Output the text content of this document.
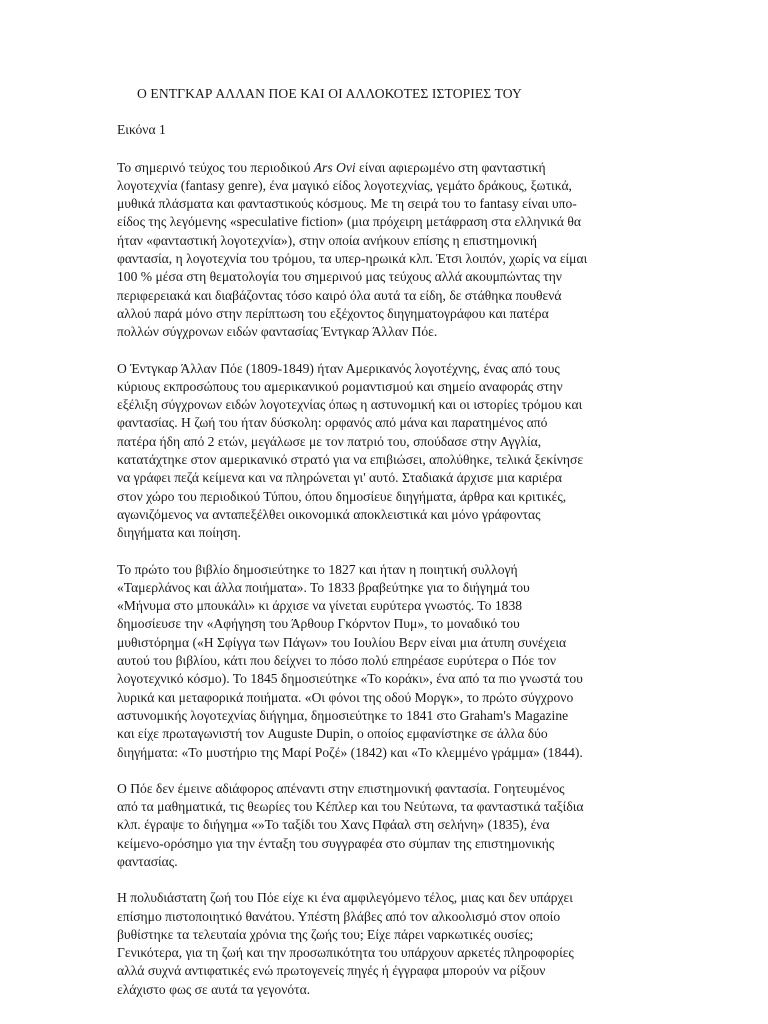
Ο ΕΝΤΓΚΑΡ ΑΛΛΑΝ ΠΟΕ ΚΑΙ ΟΙ ΑΛΛΟΚΟΤΕΣ ΙΣΤΟΡΙΕΣ ΤΟΥ
Εικόνα 1

Το σημερινό τεύχος του περιοδικού Ars Ovi είναι αφιερωμένο στη φανταστική
λογοτεχνία (fantasy genre), ένα μαγικό είδος λογοτεχνίας, γεμάτο δράκους, ξωτικά,
μυθικά πλάσματα και φανταστικούς κόσμους. Με τη σειρά του το fantasy είναι υπο-
είδος της λεγόμενης «speculative fiction» (μια πρόχειρη μετάφραση στα ελληνικά θα
ήταν «φανταστική λογοτεχνία»), στην οποία ανήκουν επίσης η επιστημονική
φαντασία, η λογοτεχνία του τρόμου, τα υπερ-ηρωικά κλπ. Έτσι λοιπόν, χωρίς να είμαι
100 % μέσα στη θεματολογία του σημερινού μας τεύχους αλλά ακουμπώντας την
περιφερειακά και διαβάζοντας τόσο καιρό όλα αυτά τα είδη, δε στάθηκα πουθενά
αλλού παρά μόνο στην περίπτωση του εξέχοντος διηγηματογράφου και πατέρα
πολλών σύγχρονων ειδών φαντασίας Έντγκαρ Άλλαν Πόε.

Ο Έντγκαρ Άλλαν Πόε (1809-1849) ήταν Αμερικανός λογοτέχνης, ένας από τους
κύριους εκπροσώπους του αμερικανικού ρομαντισμού και σημείο αναφοράς στην
εξέλιξη σύγχρονων ειδών λογοτεχνίας όπως η αστυνομική και οι ιστορίες τρόμου και
φαντασίας. Η ζωή του ήταν δύσκολη: ορφανός από μάνα και παρατημένος από
πατέρα ήδη από 2 ετών, μεγάλωσε με τον πατριό του, σπούδασε στην Αγγλία,
κατατάχτηκε στον αμερικανικό στρατό για να επιβιώσει, απολύθηκε, τελικά ξεκίνησε
να γράφει πεζά κείμενα και να πληρώνεται γι' αυτό. Σταδιακά άρχισε μια καριέρα
στον χώρο του περιοδικού Τύπου, όπου δημοσίευε διηγήματα, άρθρα και κριτικές,
αγωνιζόμενος να ανταπεξέλθει οικονομικά αποκλειστικά και μόνο γράφοντας
διηγήματα και ποίηση.

Το πρώτο του βιβλίο δημοσιεύτηκε το 1827 και ήταν η ποιητική συλλογή
«Ταμερλάνος και άλλα ποιήματα». Το 1833 βραβεύτηκε για το διήγημά του
«Μήνυμα στο μπουκάλι» κι άρχισε να γίνεται ευρύτερα γνωστός. Το 1838
δημοσίευσε την «Αφήγηση του Άρθουρ Γκόρντον Πυμ», το μοναδικό του
μυθιστόρημα («Η Σφίγγα των Πάγων» του Ιουλίου Βερν είναι μια άτυπη συνέχεια
αυτού του βιβλίου, κάτι που δείχνει το πόσο πολύ επηρέασε ευρύτερα ο Πόε τον
λογοτεχνικό κόσμο). Το 1845 δημοσιεύτηκε «Το κοράκι», ένα από τα πιο γνωστά του
λυρικά και μεταφορικά ποιήματα. «Οι φόνοι της οδού Μοργκ», το πρώτο σύγχρονο
αστυνομικής λογοτεχνίας διήγημα, δημοσιεύτηκε το 1841 στο Graham's Magazine
και είχε πρωταγωνιστή τον Auguste Dupin, ο οποίος εμφανίστηκε σε άλλα δύο
διηγήματα: «Το μυστήριο της Μαρί Ροζέ» (1842) και «Το κλεμμένο γράμμα» (1844).

Ο Πόε δεν έμεινε αδιάφορος απέναντι στην επιστημονική φαντασία. Γοητευμένος
από τα μαθηματικά, τις θεωρίες του Κέπλερ και του Νεύτωνα, τα φανταστικά ταξίδια
κλπ. έγραψε το διήγημα «»Το ταξίδι του Χανς Πφάαλ στη σελήνη» (1835), ένα
κείμενο-ορόσημο για την ένταξη του συγγραφέα στο σύμπαν της επιστημονικής
φαντασίας.

Η πολυδιάστατη ζωή του Πόε είχε κι ένα αμφιλεγόμενο τέλος, μιας και δεν υπάρχει
επίσημο πιστοποιητικό θανάτου. Υπέστη βλάβες από τον αλκοολισμό στον οποίο
βυθίστηκε τα τελευταία χρόνια της ζωής του; Είχε πάρει ναρκωτικές ουσίες;
Γενικότερα, για τη ζωή και την προσωπικότητα του υπάρχουν αρκετές πληροφορίες
αλλά συχνά αντιφατικές ενώ πρωτογενείς πηγές ή έγγραφα μπορούν να ρίξουν
ελάχιστο φως σε αυτά τα γεγονότα.
